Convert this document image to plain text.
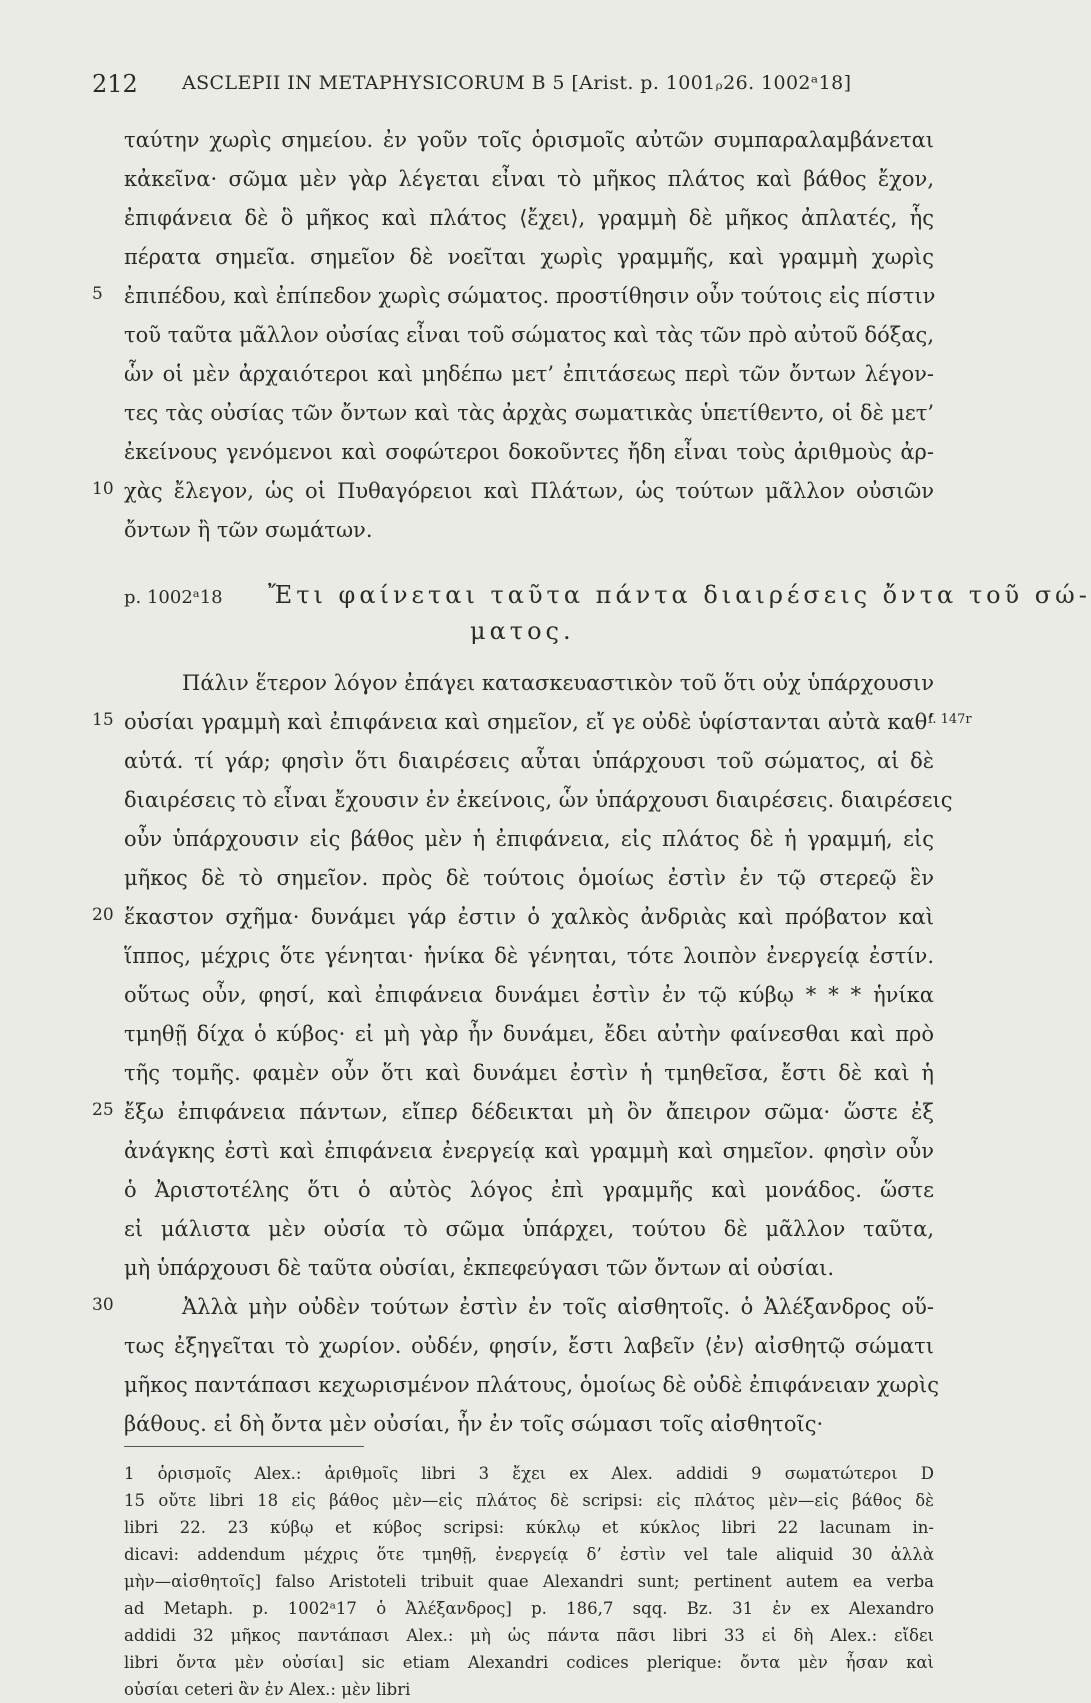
212 ASCLEPII IN METAPHYSICORUM B 5 [Arist. p. 1001ᵨ26. 1002ᵃ18]
ταύτην χωρὶς σημείου. ἐν γοῦν τοῖς ὁρισμοῖς αὐτῶν συμπαραλαμβάνεται
κἀκεῖνα· σῶμα μὲν γὰρ λέγεται εἶναι τὸ μῆκος πλάτος καὶ βάθος ἔχον,
ἐπιφάνεια δὲ ὃ μῆκος καὶ πλάτος ⟨ἔχει⟩, γραμμὴ δὲ μῆκος ἀπλατές, ἧς
πέρατα σημεῖα. σημεῖον δὲ νοεῖται χωρὶς γραμμῆς, καὶ γραμμὴ χωρὶς
5 ἐπιπέδου, καὶ ἐπίπεδον χωρὶς σώματος. προστίθησιν οὖν τούτοις εἰς πίστιν
τοῦ ταῦτα μᾶλλον οὐσίας εἶναι τοῦ σώματος καὶ τὰς τῶν πρὸ αὐτοῦ δόξας,
ὧν οἱ μὲν ἀρχαιότεροι καὶ μηδέπω μετ’ ἐπιτάσεως περὶ τῶν ὄντων λέγον-
τες τὰς οὐσίας τῶν ὄντων καὶ τὰς ἀρχὰς σωματικὰς ὑπετίθεντο, οἱ δὲ μετ’
ἐκείνους γενόμενοι καὶ σοφώτεροι δοκοῦντες ἤδη εἶναι τοὺς ἀριθμοὺς ἀρ-
10 χὰς ἔλεγον, ὡς οἱ Πυθαγόρειοι καὶ Πλάτων, ὡς τούτων μᾶλλον οὐσιῶν
ὄντων ἢ τῶν σωμάτων.
p. 1002ᵃ18 Ἔτι φαίνεται ταῦτα πάντα διαιρέσεις ὄντα τοῦ σώ-
ματος.
Πάλιν ἕτερον λόγον ἐπάγει κατασκευαστικὸν τοῦ ὅτι οὐχ ὑπάρχουσιν
15 οὐσίαι γραμμὴ καὶ ἐπιφάνεια καὶ σημεῖον, εἴ γε οὐδὲ ὑφίστανται αὐτὰ καθ’
f. 147r
αὑτά. τί γάρ; φησὶν ὅτι διαιρέσεις αὗται ὑπάρχουσι τοῦ σώματος, αἱ δὲ
διαιρέσεις τὸ εἶναι ἔχουσιν ἐν ἐκείνοις, ὧν ὑπάρχουσι διαιρέσεις. διαιρέσεις
οὖν ὑπάρχουσιν εἰς βάθος μὲν ἡ ἐπιφάνεια, εἰς πλάτος δὲ ἡ γραμμή, εἰς
μῆκος δὲ τὸ σημεῖον. πρὸς δὲ τούτοις ὁμοίως ἐστὶν ἐν τῷ στερεῷ ἓν
20 ἕκαστον σχῆμα· δυνάμει γάρ ἐστιν ὁ χαλκὸς ἀνδριὰς καὶ πρόβατον καὶ
ἵππος, μέχρις ὅτε γένηται· ἡνίκα δὲ γένηται, τότε λοιπὸν ἐνεργείᾳ ἐστίν.
οὕτως οὖν, φησί, καὶ ἐπιφάνεια δυνάμει ἐστὶν ἐν τῷ κύβῳ * * * ἡνίκα
τμηθῇ δίχα ὁ κύβος· εἰ μὴ γὰρ ἦν δυνάμει, ἔδει αὐτὴν φαίνεσθαι καὶ πρὸ
τῆς τομῆς. φαμὲν οὖν ὅτι καὶ δυνάμει ἐστὶν ἡ τμηθεῖσα, ἔστι δὲ καὶ ἡ
25 ἔξω ἐπιφάνεια πάντων, εἴπερ δέδεικται μὴ ὂν ἄπειρον σῶμα· ὥστε ἐξ
ἀνάγκης ἐστὶ καὶ ἐπιφάνεια ἐνεργείᾳ καὶ γραμμὴ καὶ σημεῖον. φησὶν οὖν
ὁ Ἀριστοτέλης ὅτι ὁ αὐτὸς λόγος ἐπὶ γραμμῆς καὶ μονάδος. ὥστε
εἰ μάλιστα μὲν οὐσία τὸ σῶμα ὑπάρχει, τούτου δὲ μᾶλλον ταῦτα,
μὴ ὑπάρχουσι δὲ ταῦτα οὐσίαι, ἐκπεφεύγασι τῶν ὄντων αἱ οὐσίαι.
30	Ἀλλὰ μὴν οὐδὲν τούτων ἐστὶν ἐν τοῖς αἰσθητοῖς. ὁ Ἀλέξανδρος οὕ-
τως ἐξηγεῖται τὸ χωρίον. οὐδέν, φησίν, ἔστι λαβεῖν ⟨ἐν⟩ αἰσθητῷ σώματι
μῆκος παντάπασι κεχωρισμένον πλάτους, ὁμοίως δὲ οὐδὲ ἐπιφάνειαν χωρὶς
βάθους. εἰ δὴ ὄντα μὲν οὐσίαι, ἦν ἐν τοῖς σώμασι τοῖς αἰσθητοῖς·
1 ὁρισμοῖς Alex.: ἀριθμοῖς libri 3 ἔχει ex Alex. addidi 9 σωματώτεροι D
15 οὔτε libri 18 εἰς βάθος μὲν—εἰς πλάτος δὲ scripsi: εἰς πλάτος μὲν—εἰς βάθος δὲ
libri 22. 23 κύβῳ et κύβος scripsi: κύκλῳ et κύκλος libri 22 lacunam in-
dicavi: addendum μέχρις ὅτε τμηθῇ, ἐνεργείᾳ δ’ ἐστὶν vel tale aliquid 30 ἀλλὰ
μὴν—αἰσθητοῖς] falso Aristoteli tribuit quae Alexandri sunt; pertinent autem ea verba
ad Metaph. p. 1002ᵃ17 ὁ Ἀλέξανδρος] p. 186,7 sqq. Bz. 31 ἐν ex Alexandro
addidi 32 μῆκος παντάπασι Alex.: μὴ ὡς πάντα πᾶσι libri 33 εἰ δὴ Alex.: εἴδει
libri ὄντα μὲν οὐσίαι] sic etiam Alexandri codices plerique: ὄντα μὲν ἦσαν καὶ
οὐσίαι ceteri ἂν ἐν Alex.: μὲν libri
